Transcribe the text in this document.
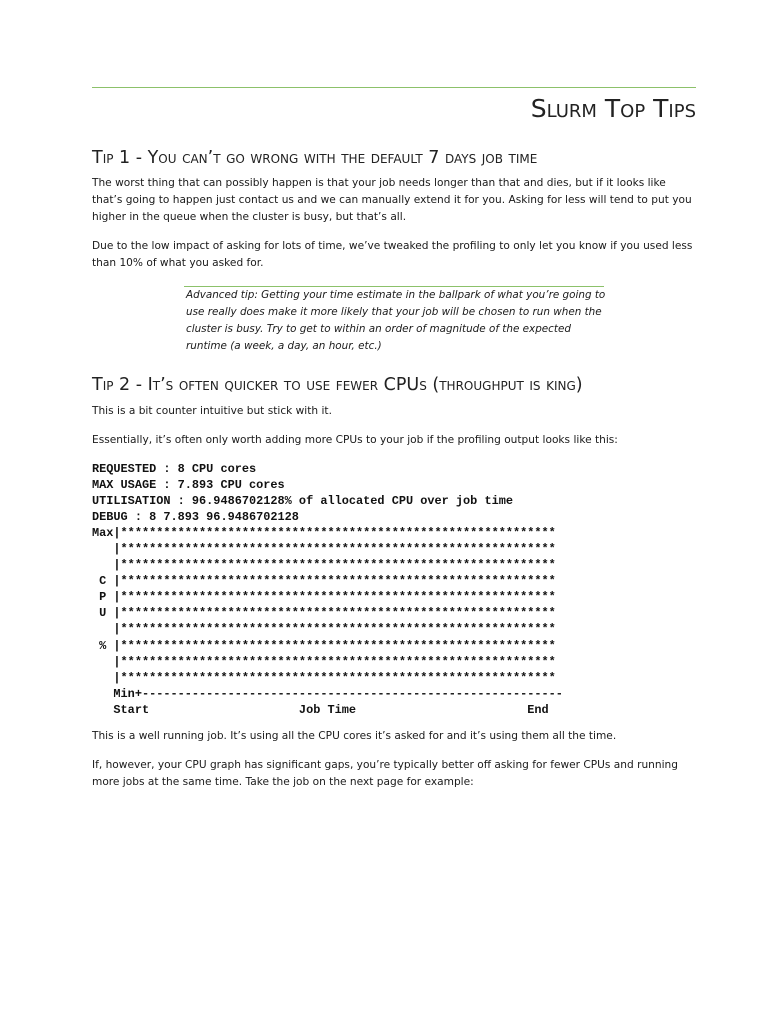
Slurm Top Tips
Tip 1 - You can’t go wrong with the default 7 days job time

The worst thing that can possibly happen is that your job needs longer than that and dies, but if it looks like that’s going to happen just contact us and we can manually extend it for you. Asking for less will tend to put you higher in the queue when the cluster is busy, but that’s all.

Due to the low impact of asking for lots of time, we’ve tweaked the profiling to only let you know if you used less than 10% of what you asked for.

Advanced tip: Getting your time estimate in the ballpark of what you’re going to use really does make it more likely that your job will be chosen to run when the cluster is busy. Try to get to within an order of magnitude of the expected runtime (a week, a day, an hour, etc.)

Tip 2 - It’s often quicker to use fewer CPUs (throughput is king)

This is a bit counter intuitive but stick with it.

Essentially, it’s often only worth adding more CPUs to your job if the profiling output looks like this:

REQUESTED : 8 CPU cores
MAX USAGE : 7.893 CPU cores
UTILISATION : 96.9486702128% of allocated CPU over job time
DEBUG : 8 7.893 96.9486702128
Max|*************************************************************
|*************************************************************
|*************************************************************
C |*************************************************************
P |*************************************************************
U |*************************************************************
|*************************************************************
% |*************************************************************
|*************************************************************
|*************************************************************
Min+-----------------------------------------------------------
Start                     Job Time                        End

This is a well running job. It’s using all the CPU cores it’s asked for and it’s using them all the time.

If, however, your CPU graph has significant gaps, you’re typically better off asking for fewer CPUs and running more jobs at the same time. Take the job on the next page for example:
